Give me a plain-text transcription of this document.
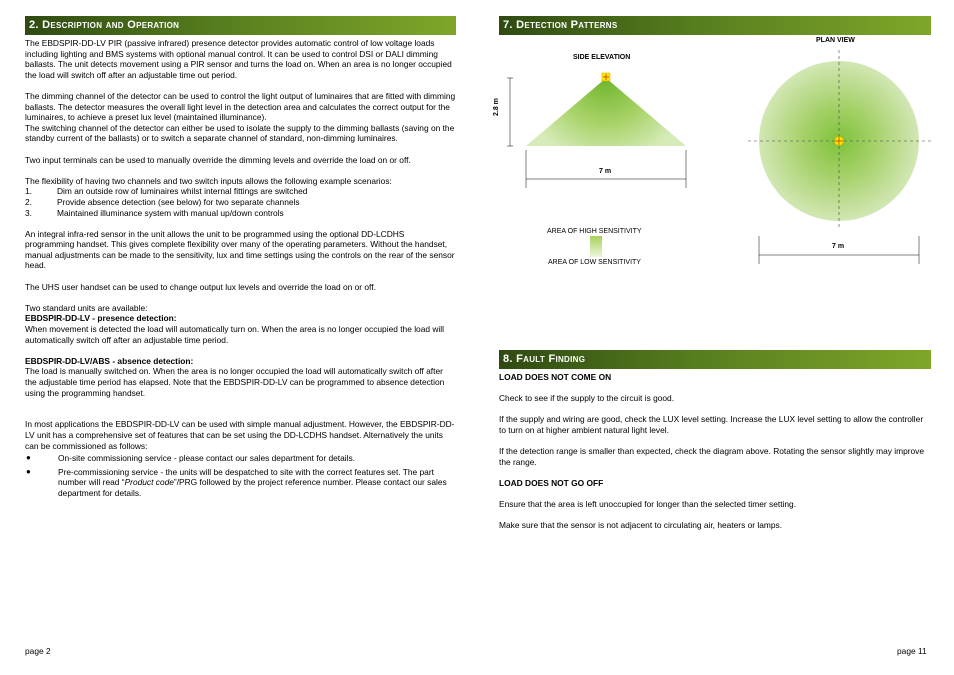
2. Description and Operation

The EBDSPIR-DD-LV PIR (passive infrared) presence detector provides automatic control of low voltage loads including lighting and BMS systems with optional manual control. It can be used to control DSI or DALI dimming ballasts. The unit detects movement using a PIR sensor and turns the load on. When an area is no longer occupied the load will switch off after an adjustable time out period.

The dimming channel of the detector can be used to control the light output of luminaires that are fitted with dimming ballasts. The detector measures the overall light level in the detection area and calculates the correct output for the luminaires, to achieve a preset lux level (maintained illuminance).

The switching channel of the detector can either be used to isolate the supply to the dimming ballasts (saving on the standby current of the ballasts) or to switch a separate channel of standard, non-dimming luminaires.

Two input terminals can be used to manually override the dimming levels and override the load on or off.

The flexibility of having two channels and two switch inputs allows the following example scenarios:

1.	Dim an outside row of luminaires whilst internal fittings are switched
2.	Provide absence detection (see below) for two separate channels
3.	Maintained illuminance system with manual up/down controls

An integral infra-red sensor in the unit allows the unit to be programmed using the optional DD-LCDHS programming handset. This gives complete flexibility over many of the operating parameters. Without the handset, manual adjustments can be made to the sensitivity, lux and time settings using the controls on the rear of the sensor head.

The UHS user handset can be used to change output lux levels and override the load on or off.

Two standard units are available:

EBDSPIR-DD-LV - presence detection:

When movement is detected the load will automatically turn on. When the area is no longer occupied the load will automatically switch off after an adjustable time period.

EBDSPIR-DD-LV/ABS - absence detection:

The load is manually switched on. When the area is no longer occupied the load will automatically switch off after the adjustable time period has elapsed. Note that the EBDSPIR-DD-LV can be programmed to absence detection using the programming handset.

In most applications the EBDSPIR-DD-LV can be used with simple manual adjustment. However, the EBDSPIR-DD-LV unit has a comprehensive set of features that can be set using the DD-LCDHS handset. Alternatively the units can be commissioned as follows:

●	On-site commissioning service - please contact our sales department for details.
●	Pre-commissioning service - the units will be despatched to site with the correct features set. The part number will read “Product code”/PRG followed by the project reference number. Please contact our sales department for details.
page 2
7. Detection Patterns
SIDE ELEVATION
2.8 m
7 m
PLAN VIEW
7 m
AREA OF HIGH SENSITIVITY
AREA OF LOW SENSITIVITY
8. Fault Finding

LOAD DOES NOT COME ON

Check to see if the supply to the circuit is good.

If the supply and wiring are good, check the LUX level setting. Increase the LUX level setting to allow the controller to turn on at higher ambient natural light level.

If the detection range is smaller than expected, check the diagram above. Rotating the sensor slightly may improve the range.

LOAD DOES NOT GO OFF

Ensure that the area is left unoccupied for longer than the selected timer setting.

Make sure that the sensor is not adjacent to circulating air, heaters or lamps.

page 11
